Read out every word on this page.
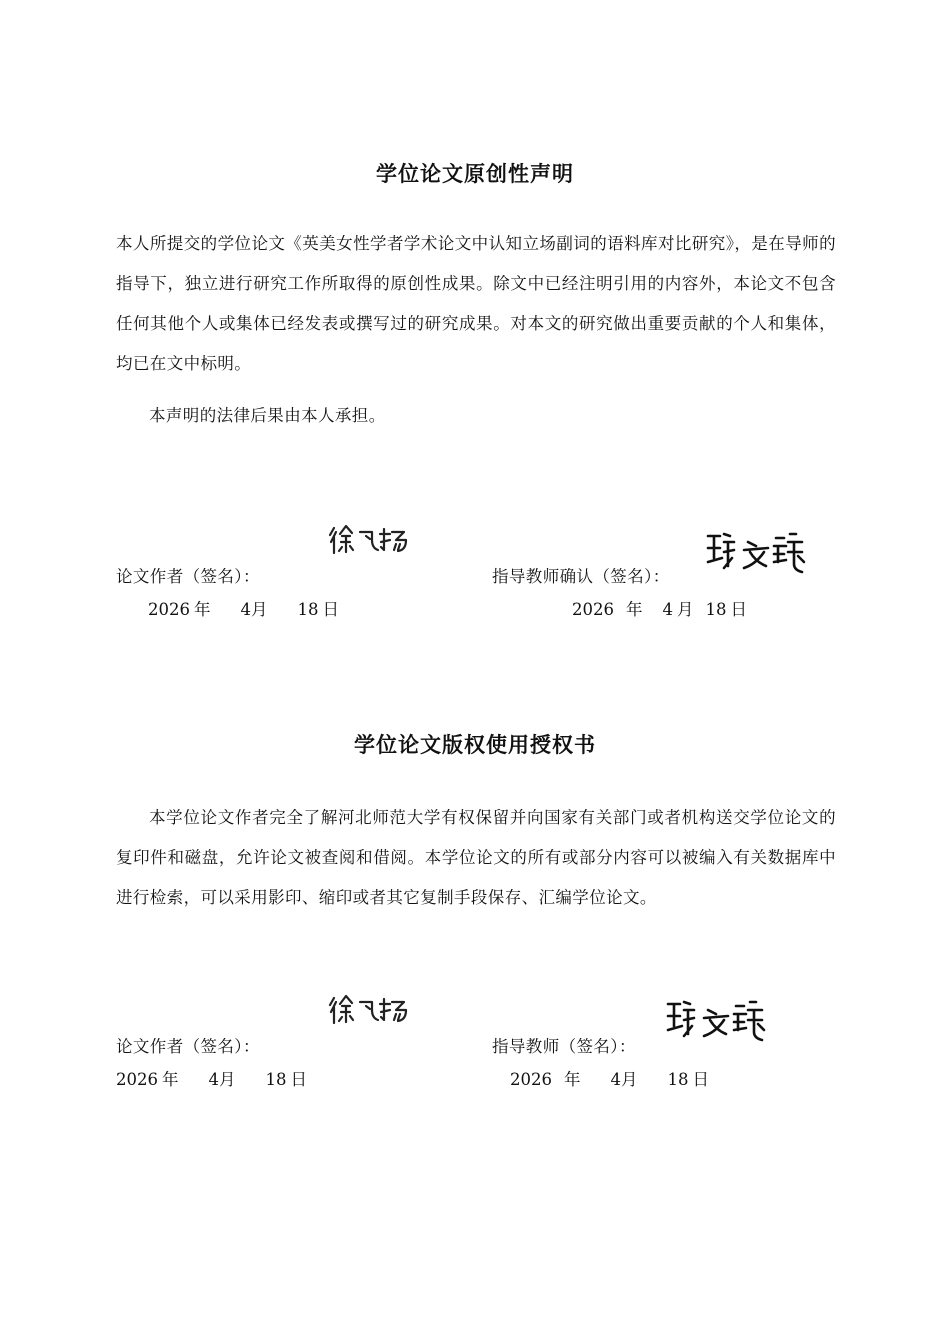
学位论文原创性声明
本人所提交的学位论文《英美女性学者学术论文中认知立场副词的语料库对比研究》，是在导师的指导下，独立进行研究工作所取得的原创性成果。除文中已经注明引用的内容外，本论文不包含任何其他个人或集体已经发表或撰写过的研究成果。对本文的研究做出重要贡献的个人和集体，均已在文中标明。
本声明的法律后果由本人承担。
论文作者（签名）：	指导教师确认（签名）：
2026 年 4月 18 日	2026 年 4 月 18 日
学位论文版权使用授权书
本学位论文作者完全了解河北师范大学有权保留并向国家有关部门或者机构送交学位论文的复印件和磁盘，允许论文被查阅和借阅。本学位论文的所有或部分内容可以被编入有关数据库中进行检索，可以采用影印、缩印或者其它复制手段保存、汇编学位论文。
论文作者（签名）：	指导教师（签名）：
2026 年 4月 18 日	2026 年 4月 18 日
